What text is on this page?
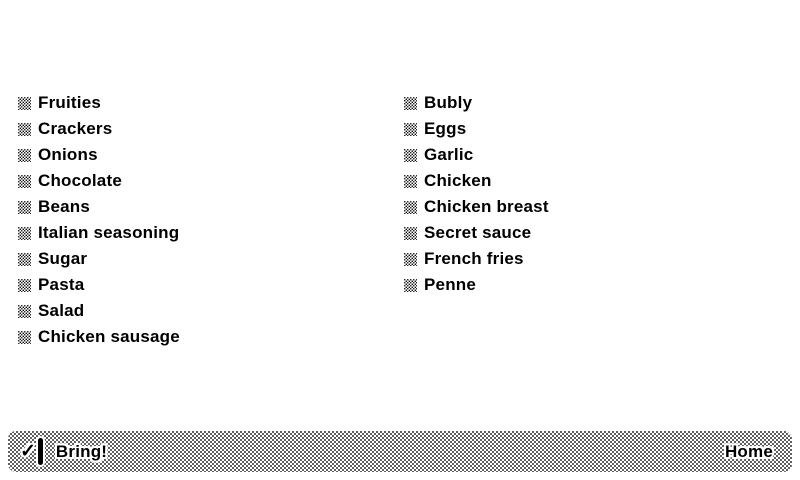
Fruities
Crackers
Onions
Chocolate
Beans
Italian seasoning
Sugar
Pasta
Salad
Chicken sausage
Bubly
Eggs
Garlic
Chicken
Chicken breast
Secret sauce
French fries
Penne
✓ Bring!	Home
